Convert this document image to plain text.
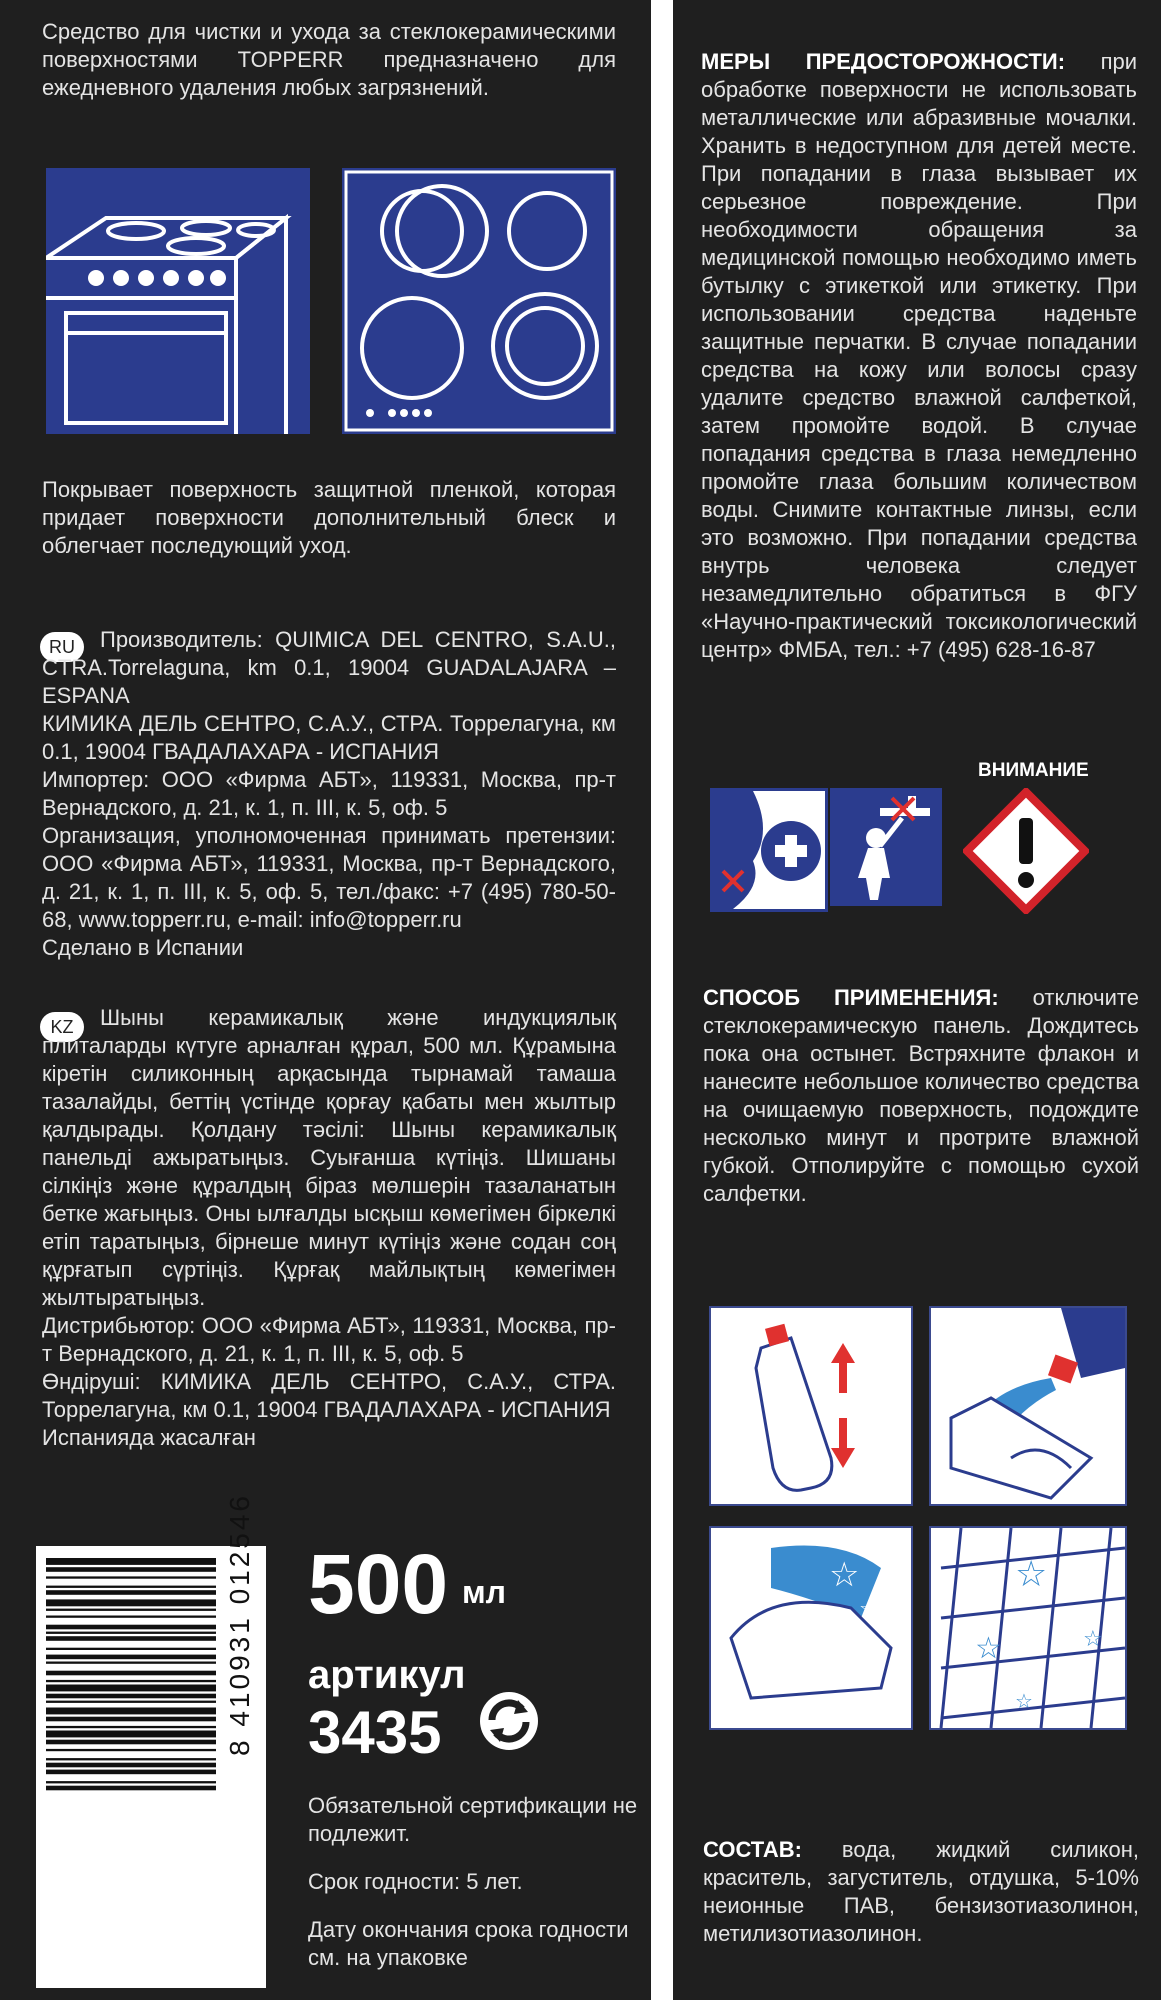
Средство для чистки и ухода за стеклокерамическими поверхностями TOPPERR предназначено для ежедневного удаления любых загрязнений.
Покрывает поверхность защитной пленкой, которая придает поверхности дополнительный блеск и облегчает последующий уход.
RU	Производитель: QUIMICA DEL CENTRO, S.A.U., CTRA.Torrelaguna, km 0.1, 19004 GUADALAJARA – ESPANA
КИМИКА ДЕЛЬ СЕНТРО, С.А.У., СТРА. Торрелагуна, км 0.1, 19004 ГВАДАЛАХАРА - ИСПАНИЯ
Импортер: ООО «Фирма АБТ», 119331, Москва, пр-т Вернадского, д. 21, к. 1, п. III, к. 5, оф. 5
Организация, уполномоченная принимать претензии: ООО «Фирма АБТ», 119331, Москва, пр-т Вернадского, д. 21, к. 1, п. III, к. 5, оф. 5, тел./факс: +7 (495) 780-50-68, www.topperr.ru, e-mail: info@topperr.ru
Сделано в Испании
KZ	Шыны керамикалық және индукциялық плиталарды күтуге арналған құрал, 500 мл. Құрамына кіретін силиконның арқасында тырнамай тамаша тазалайды, беттің үстінде қорғау қабаты мен жылтыр қалдырады. Қолдану тәсілі: Шыны керамикалық панельді ажыратыңыз. Суығанша күтіңіз. Шишаны сілкіңіз және құралдың біраз мөлшерін тазаланатын бетке жағыңыз. Оны ылғалды ысқыш көмегімен біркелкі етіп таратыңыз, бірнеше минут күтіңіз және содан соң құрғатып сүртіңіз. Құрғақ майлықтың көмегімен жылтыратыңыз.
Дистрибьютор: ООО «Фирма АБТ», 119331, Москва, пр-т Вернадского, д. 21, к. 1, п. III, к. 5, оф. 5
Өндіруші: КИМИКА ДЕЛЬ СЕНТРО, С.А.У., СТРА. Торрелагуна, км 0.1, 19004 ГВАДАЛАХАРА - ИСПАНИЯ
Испанияда жасалған
8 410931 012546 500 мл
артикул
3435
Обязательной сертификации не подлежит.
Срок годности: 5 лет.
Дату окончания срока годности см. на упаковке
МЕРЫ ПРЕДОСТОРОЖНОСТИ: при обработке поверхности не использовать металлические или абразивные мочалки. Хранить в недоступном для детей месте. При попадании в глаза вызывает их серьезное повреждение. При необходимости обращения за медицинской помощью необходимо иметь бутылку с этикеткой или этикетку. При использовании средства наденьте защитные перчатки. В случае попадании средства на кожу или волосы сразу удалите средство влажной салфеткой, затем промойте водой. В случае попадания средства в глаза немедленно промойте глаза большим количеством воды. Снимите контактные линзы, если это возможно. При попадании средства внутрь человека следует незамедлительно обратиться в ФГУ «Научно-практический токсикологический центр» ФМБА, тел.: +7 (495) 628-16-87
ВНИМАНИЕ
СПОСОБ ПРИМЕНЕНИЯ: отключите стеклокерамическую панель. Дождитесь пока она остынет. Встряхните флакон и нанесите небольшое количество средства на очищаемую поверхность, подождите несколько минут и протрите влажной губкой. Отполируйте с помощью сухой салфетки.
☆
☆
☆
☆	☆
☆
СОСТАВ: вода, жидкий силикон, краситель, загуститель, отдушка, 5-10% неионные ПАВ, бензизотиазолинон, метилизотиазолинон.
